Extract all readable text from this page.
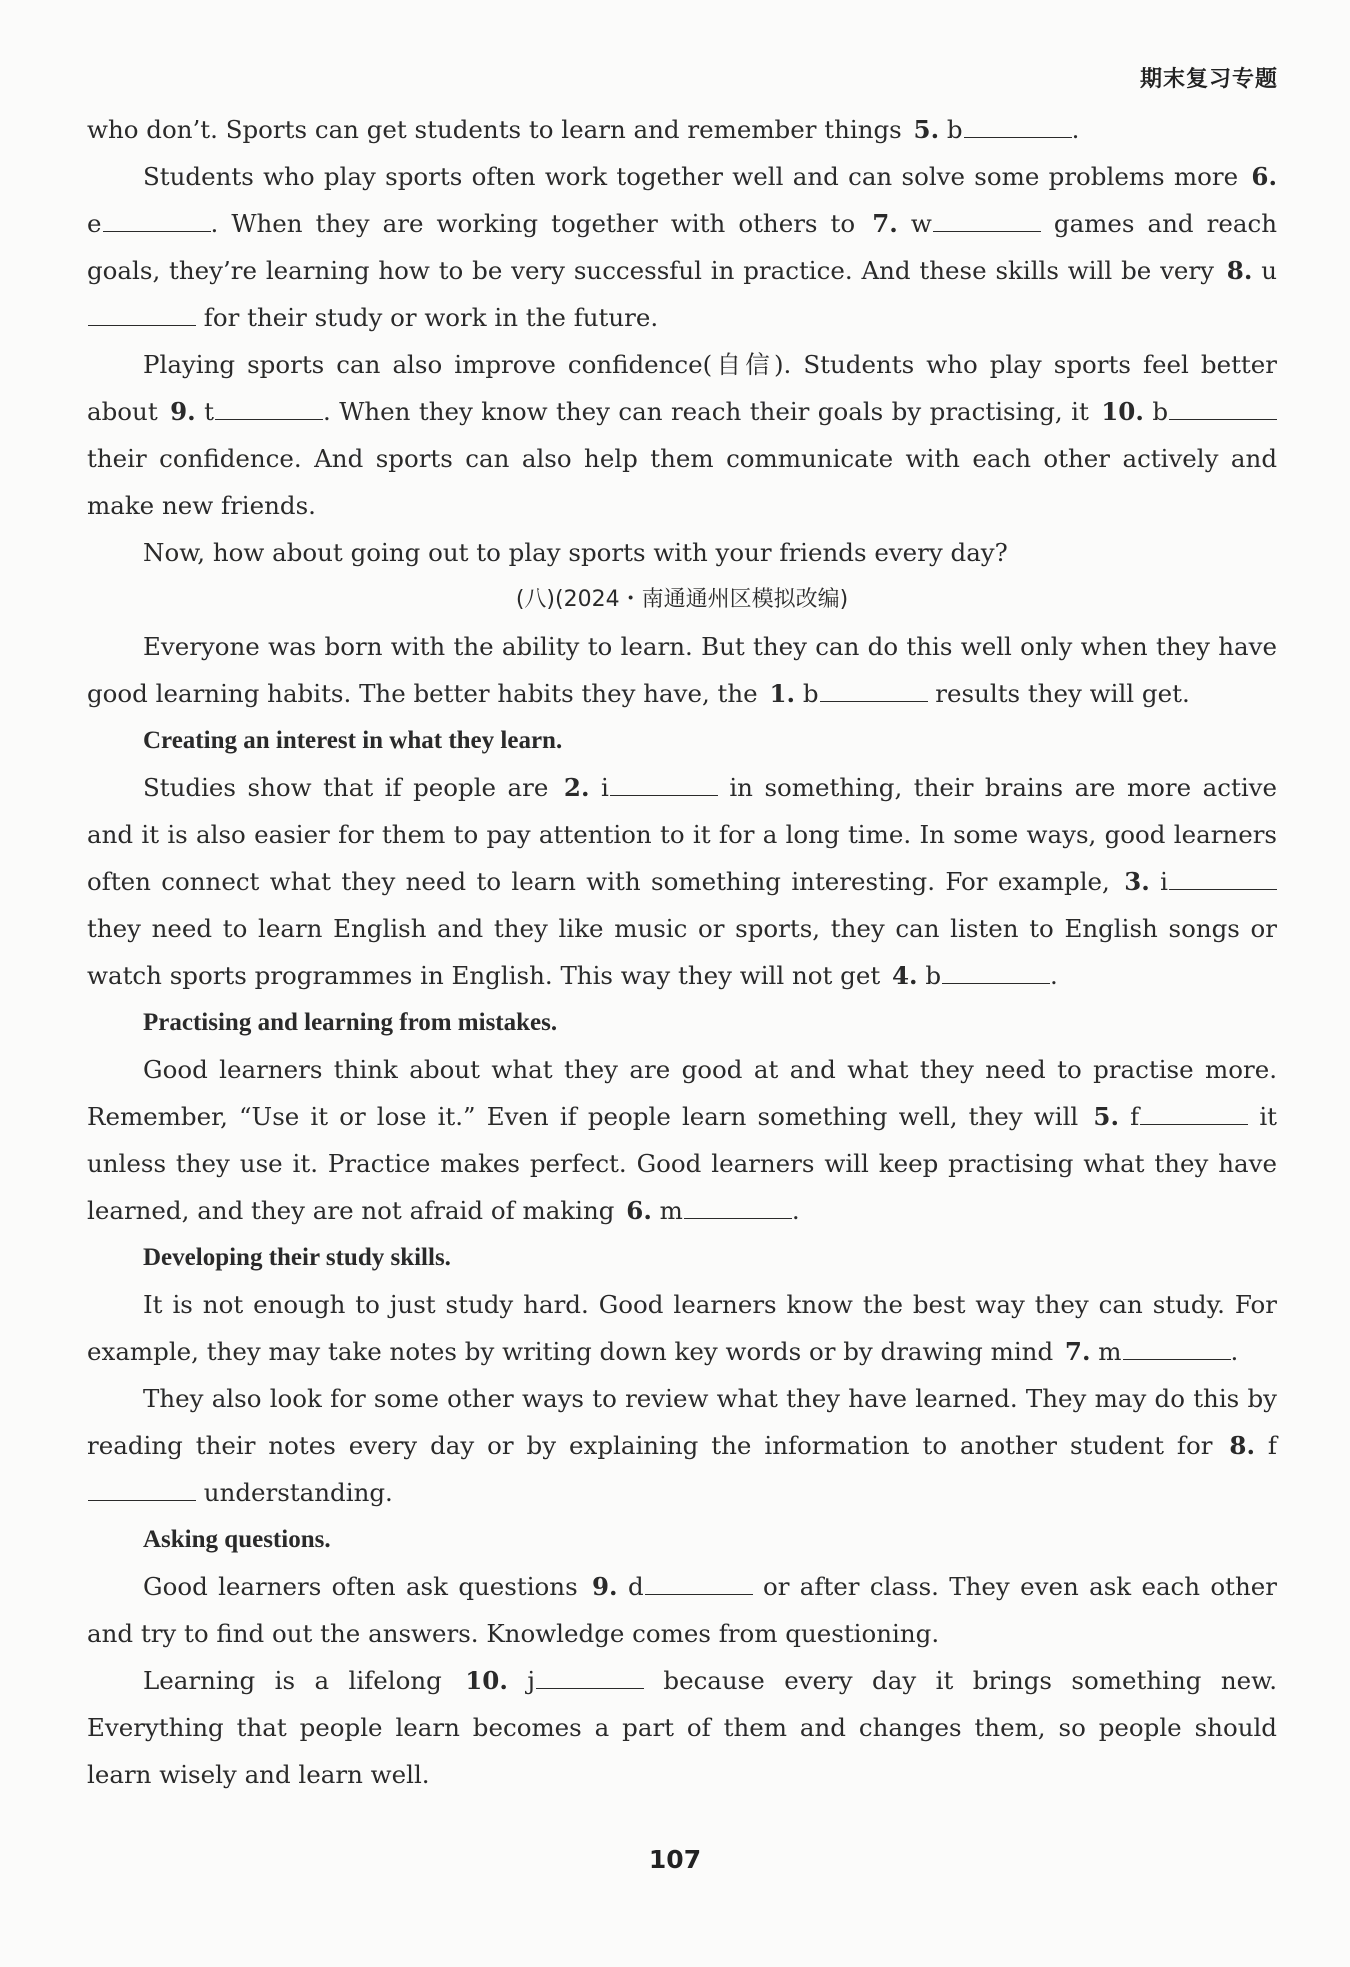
期末复习专题

who don’t. Sports can get students to learn and remember things 5. b	.

Students who play sports often work together well and can solve some problems more 6. e	. When they are working together with others to 7. w	games and reach goals, they’re learning how to be very successful in practice. And these skills will be very 8. u for their study or work in the future.

Playing sports can also improve confidence(自信). Students who play sports feel better about 9. t	. When they know they can reach their goals by practising, it 10. b their confidence. And sports can also help them communicate with each other actively and make new friends.

Now, how about going out to play sports with your friends every day?

(八)(2024・南通通州区模拟改编)

Everyone was born with the ability to learn. But they can do this well only when they have good learning habits. The better habits they have, the 1. b	results they will get.

Creating an interest in what they learn.

Studies show that if people are 2. i	in something, their brains are more active and it is also easier for them to pay attention to it for a long time. In some ways, good learners often connect what they need to learn with something interesting. For example, 3. i they need to learn English and they like music or sports, they can listen to English songs or watch sports programmes in English. This way they will not get 4. b	.

Practising and learning from mistakes.

Good learners think about what they are good at and what they need to practise more. Remember, “Use it or lose it.” Even if people learn something well, they will 5. f	it unless they use it. Practice makes perfect. Good learners will keep practising what they have learned, and they are not afraid of making 6. m	.

Developing their study skills.

It is not enough to just study hard. Good learners know the best way they can study. For example, they may take notes by writing down key words or by drawing mind 7. m	.

They also look for some other ways to review what they have learned. They may do this by reading their notes every day or by explaining the information to another student for 8. f understanding.

Asking questions.

Good learners often ask questions 9. d	or after class. They even ask each other and try to find out the answers. Knowledge comes from questioning.

Learning is a lifelong 10. j	because every day it brings something new. Everything that people learn becomes a part of them and changes them, so people should learn wisely and learn well.

107
